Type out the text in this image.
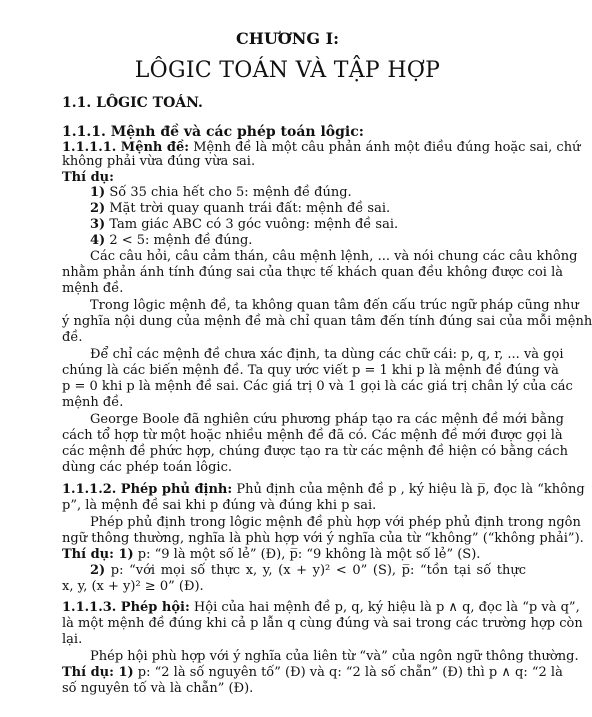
CHƯƠNG I:
LÔGIC TOÁN VÀ TẬP HỢP
1.1. LÔGIC TOÁN.
1.1.1. Mệnh đề và các phép toán lôgic:
1.1.1.1. Mệnh đề: Mệnh đề là một câu phản ánh một điều đúng hoặc sai, chứ
không phải vừa đúng vừa sai.
Thí dụ:
1) Số 35 chia hết cho 5: mệnh đề đúng.
2) Mặt trời quay quanh trái đất: mệnh đề sai.
3) Tam giác ABC có 3 góc vuông: mệnh đề sai.
4) 2 < 5: mệnh đề đúng.
Các câu hỏi, câu cảm thán, câu mệnh lệnh, ... và nói chung các câu không
nhằm phản ánh tính đúng sai của thực tế khách quan đều không được coi là
mệnh đề.
Trong lôgic mệnh đề, ta không quan tâm đến cấu trúc ngữ pháp cũng như
ý nghĩa nội dung của mệnh đề mà chỉ quan tâm đến tính đúng sai của mỗi mệnh
đề.
Để chỉ các mệnh đề chưa xác định, ta dùng các chữ cái: p, q, r, ... và gọi
chúng là các biến mệnh đề. Ta quy ước viết p = 1 khi p là mệnh đề đúng và
p = 0 khi p là mệnh đề sai. Các giá trị 0 và 1 gọi là các giá trị chân lý của các
mệnh đề.
George Boole đã nghiên cứu phương pháp tạo ra các mệnh đề mới bằng
cách tổ hợp từ một hoặc nhiều mệnh đề đã có. Các mệnh đề mới được gọi là
các mệnh đề phức hợp, chúng được tạo ra từ các mệnh đề hiện có bằng cách
dùng các phép toán lôgic.
1.1.1.2. Phép phủ định: Phủ định của mệnh đề p , ký hiệu là p̅, đọc là “không
p”, là mệnh đề sai khi p đúng và đúng khi p sai.
Phép phủ định trong lôgic mệnh đề phù hợp với phép phủ định trong ngôn
ngữ thông thường, nghĩa là phù hợp với ý nghĩa của từ “không” (“không phải”).
Thí dụ: 1) p: “9 là một số lẻ” (Đ), p̅: “9 không là một số lẻ” (S).
2) p: “với mọi số thực x, y, (x + y)² < 0” (S), p̅: “tồn tại số thực
x, y, (x + y)² ≥ 0” (Đ).
1.1.1.3. Phép hội: Hội của hai mệnh đề p, q, ký hiệu là p ∧ q, đọc là “p và q”,
là một mệnh đề đúng khi cả p lẫn q cùng đúng và sai trong các trường hợp còn
lại.
Phép hội phù hợp với ý nghĩa của liên từ “và” của ngôn ngữ thông thường.
Thí dụ: 1) p: “2 là số nguyên tố” (Đ) và q: “2 là số chẵn” (Đ) thì p ∧ q: “2 là
số nguyên tố và là chẵn” (Đ).
